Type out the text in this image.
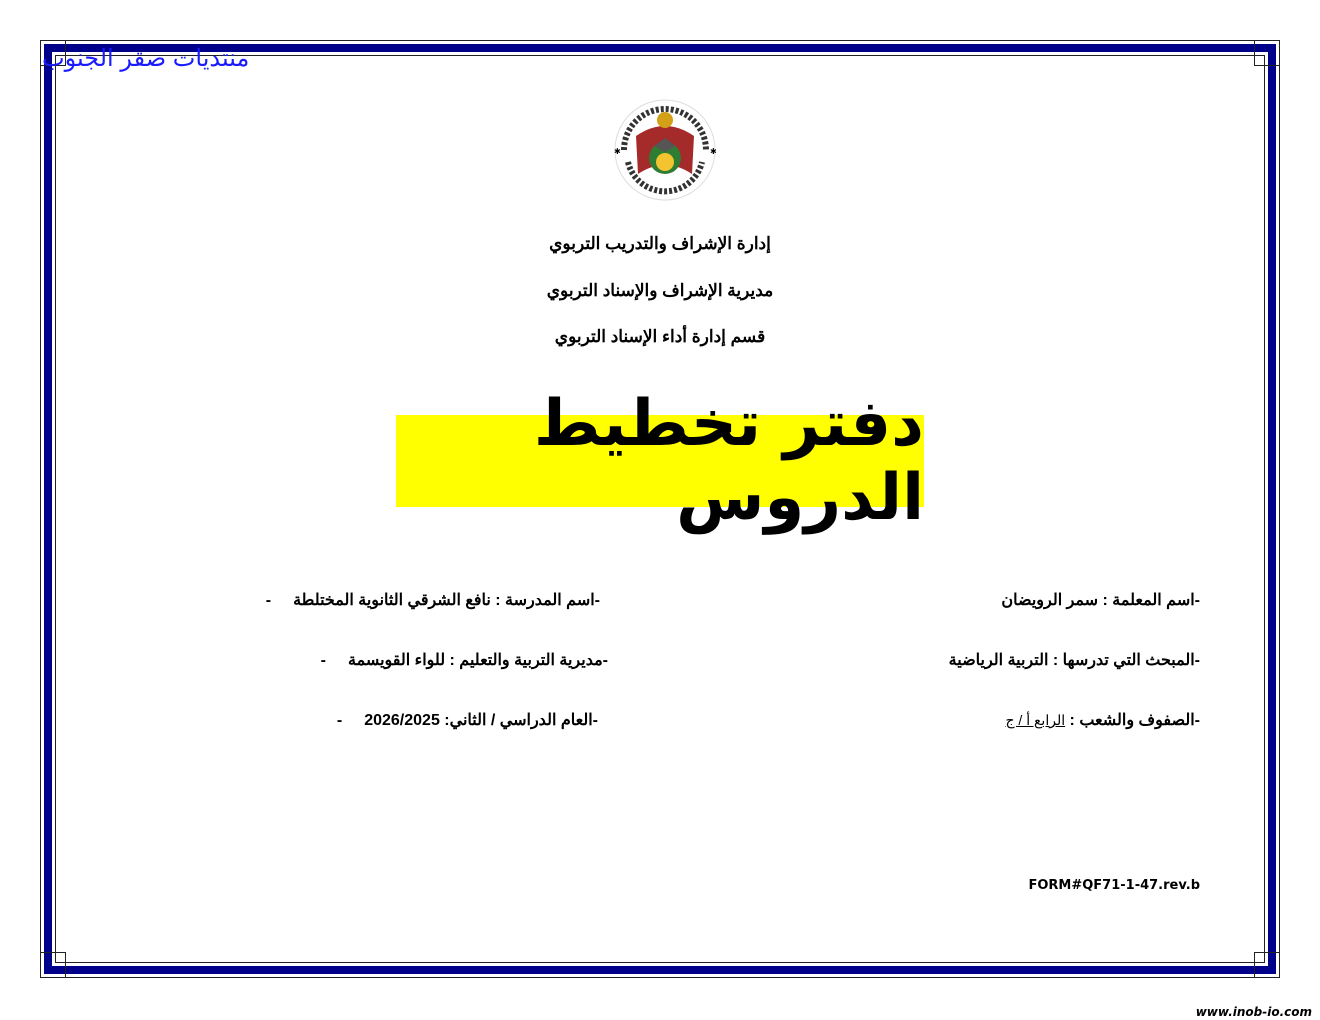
منتديات صقر الجنوب
✱	✱
إدارة الإشراف والتدريب التربوي
مديرية الإشراف والإسناد التربوي
قسم إدارة أداء الإسناد التربوي
دفتر تخطيط الدروس
-اسم المعلمة : سمر الرويضان
-المبحث التي تدرسها : التربية الرياضية
-الصفوف والشعب : الرابع أ / ج
-اسم المدرسة : نافع الشرقي الثانوية المختلطة-
-مديرية التربية والتعليم : للواء القويسمة-
-العام الدراسي / الثاني: 2026/2025-
FORM#QF71-1-47.rev.b
www.inob-io.com
